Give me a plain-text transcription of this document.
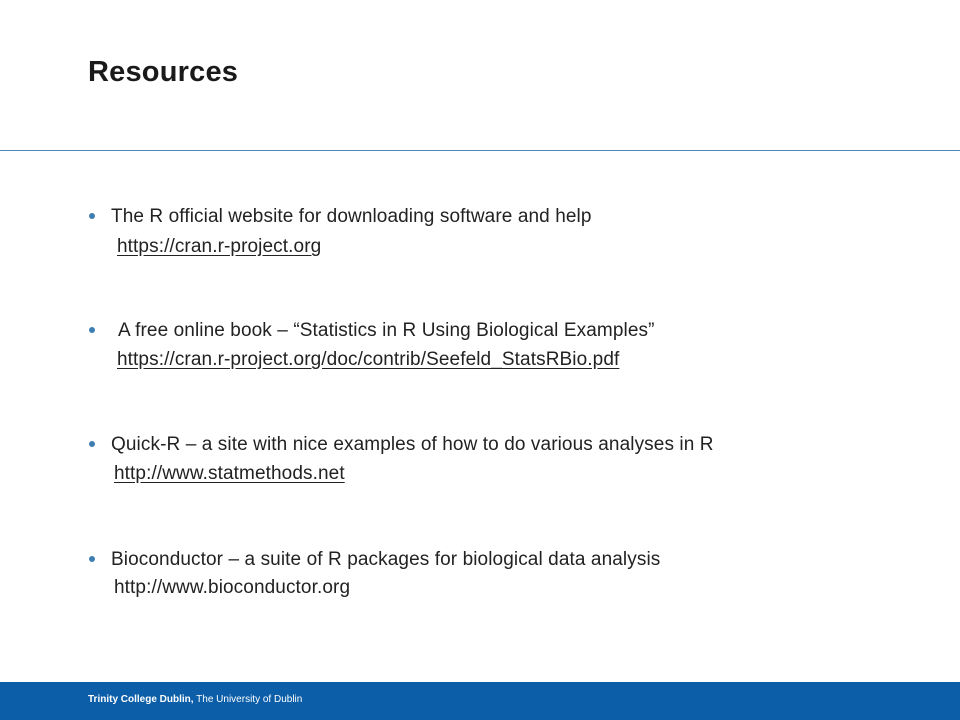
Resources
The R official website for downloading software and help
https://cran.r-project.org
A free online book – “Statistics in R Using Biological Examples”
https://cran.r-project.org/doc/contrib/Seefeld_StatsRBio.pdf
Quick-R – a site with nice examples of how to do various analyses in R
http://www.statmethods.net
Bioconductor – a suite of R packages for biological data analysis
http://www.bioconductor.org
Trinity College Dublin, The University of Dublin
